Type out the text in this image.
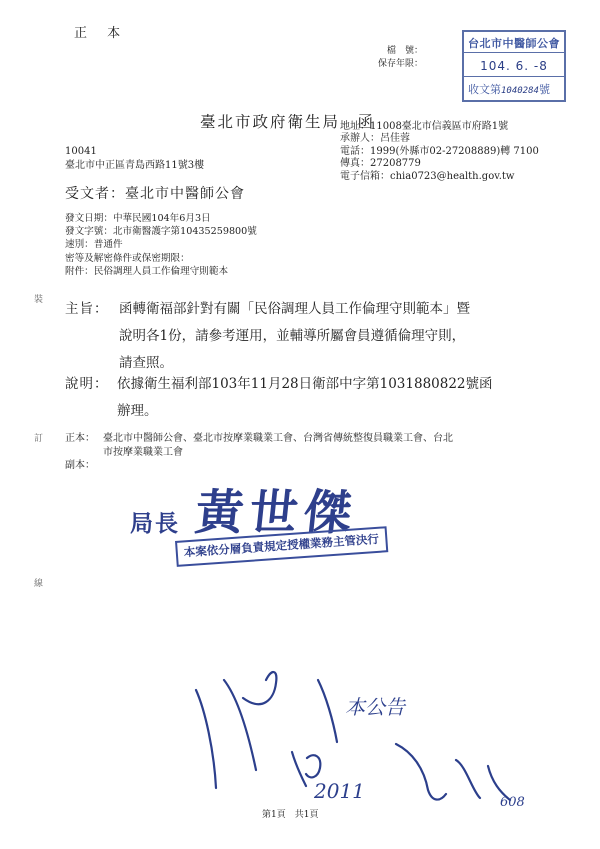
正 本
檔　號：
保存年限：
台北市中醫師公會
104. 6. -8
收文第1040284號
臺北市政府衛生局　函
地址：11008臺北市信義區市府路1號
承辦人：呂佳蓉
電話：1999(外縣市02-27208889)轉 7100
傳真：27208779
電子信箱：chia0723@health.gov.tw
10041
臺北市中正區青島西路11號3樓
受文者：臺北市中醫師公會
發文日期：中華民國104年6月3日
發文字號：北市衛醫護字第10435259800號
速別：普通件
密等及解密條件或保密期限：
附件：民俗調理人員工作倫理守則範本
主旨： 函轉衛福部針對有關「民俗調理人員工作倫理守則範本」暨
說明各1份，請參考運用，並輔導所屬會員遵循倫理守則，
請查照。
說明： 依據衛生福利部103年11月28日衛部中字第1031880822號函
辦理。
正本： 臺北市中醫師公會、臺北市按摩業職業工會、台灣省傳統整復員職業工會、台北
市按摩業職業工會
副本：
裝
訂
線
局長 黃世傑
本案依分層負責規定授權業務主管決行
2011
本公告
608
第1頁　共1頁
